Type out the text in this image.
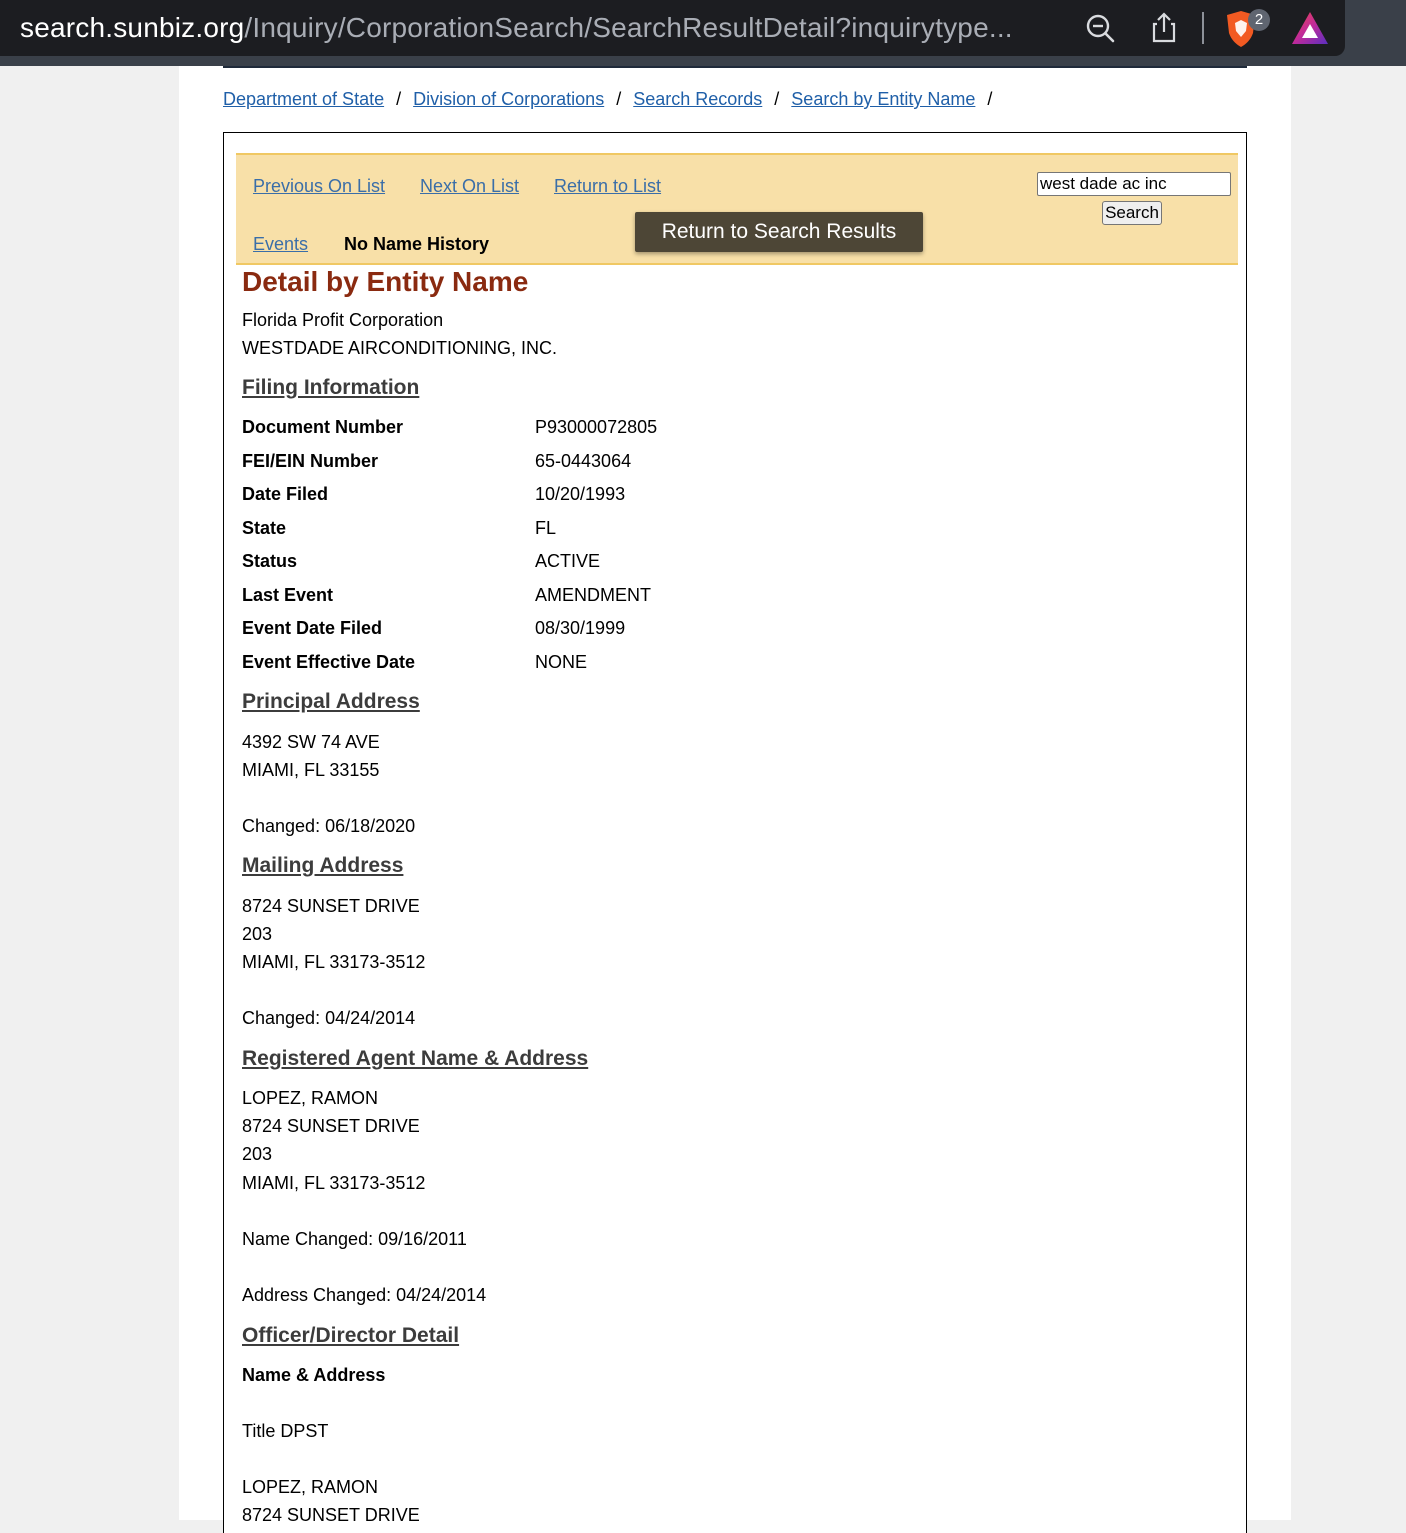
search.sunbiz.org/Inquiry/CorporationSearch/SearchResultDetail?inquirytype...	2
Department of State / Division of Corporations / Search Records / Search by Entity Name /
Previous On List Next On List Return to List
Events No Name History
west dade ac inc
Search
Return to Search Results
Detail by Entity Name
Florida Profit Corporation
WESTDADE AIRCONDITIONING, INC.
Filing Information
Document Number	P93000072805
FEI/EIN Number	65-0443064
Date Filed	10/20/1993
State	FL
Status	ACTIVE
Last Event	AMENDMENT
Event Date Filed	08/30/1999
Event Effective Date	NONE
Principal Address
4392 SW 74 AVE
MIAMI, FL 33155
Changed: 06/18/2020
Mailing Address
8724 SUNSET DRIVE
203
MIAMI, FL 33173-3512
Changed: 04/24/2014
Registered Agent Name & Address
LOPEZ, RAMON
8724 SUNSET DRIVE
203
MIAMI, FL 33173-3512
Name Changed: 09/16/2011
Address Changed: 04/24/2014
Officer/Director Detail
Name & Address
Title DPST
LOPEZ, RAMON
8724 SUNSET DRIVE
